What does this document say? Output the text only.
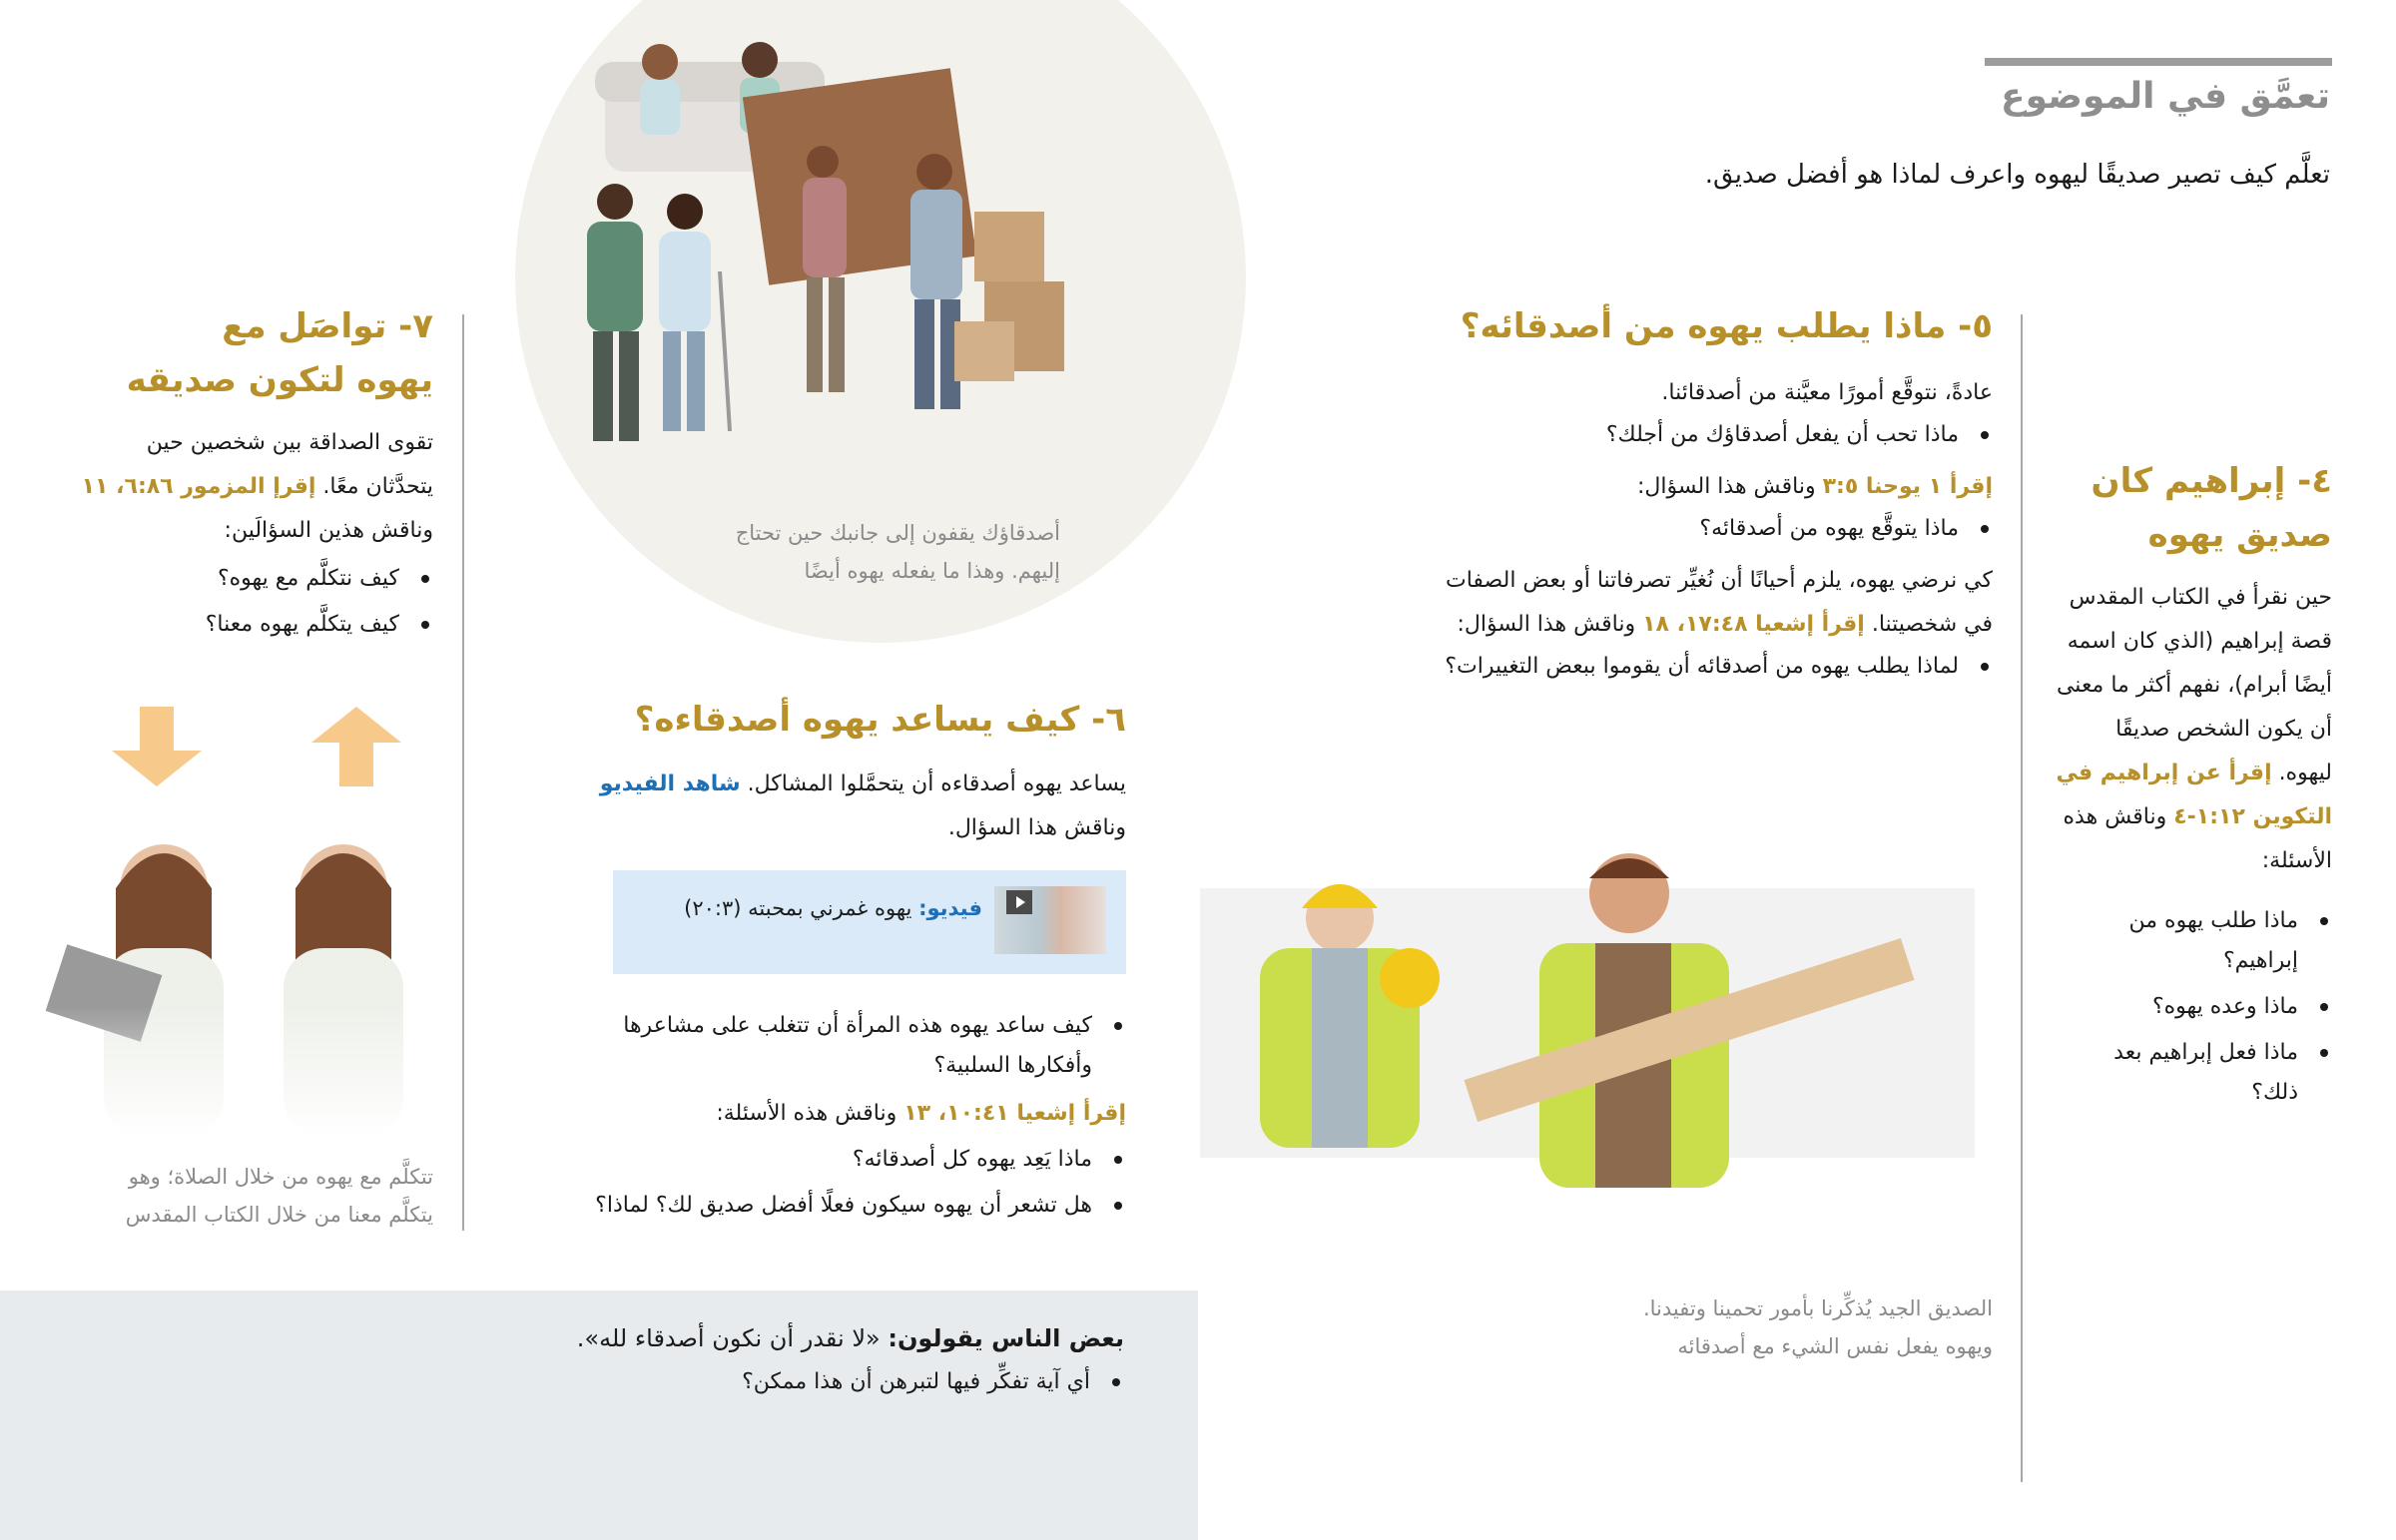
تعمَّق في الموضوع
تعلَّم كيف تصير صديقًا ليهوه واعرف لماذا هو أفضل صديق.
أصدقاؤك يقفون إلى جانبك حين تحتاج
إليهم. وهذا ما يفعله يهوه أيضًا
٤- إبراهيم كان
صديق يهوه
حين نقرأ في الكتاب المقدس
قصة إبراهيم (الذي كان اسمه
أيضًا أبرام)، نفهم أكثر ما معنى
أن يكون الشخص صديقًا
ليهوه. إقرأ عن إبراهيم في
التكوين ١٢:‏١-‏٤ وناقش هذه
الأسئلة:
ماذا طلب يهوه من
إبراهيم؟
ماذا وعده يهوه؟
ماذا فعل إبراهيم بعد
ذلك؟
٥- ماذا يطلب يهوه من أصدقائه؟
عادةً، نتوقَّع أمورًا معيَّنة من أصدقائنا.
ماذا تحب أن يفعل أصدقاؤك من أجلك؟
إقرأ ١ يوحنا ٥:‏٣ وناقش هذا السؤال:
ماذا يتوقَّع يهوه من أصدقائه؟
كي نرضي يهوه، يلزم أحيانًا أن نُغيِّر تصرفاتنا أو بعض الصفات
في شخصيتنا. إقرأ إشعيا ٤٨:‏١٧، ١٨ وناقش هذا السؤال:
لماذا يطلب يهوه من أصدقائه أن يقوموا ببعض التغييرات؟
الصديق الجيد يُذكِّرنا بأمور تحمينا وتفيدنا.
ويهوه يفعل نفس الشيء مع أصدقائه
٦- كيف يساعد يهوه أصدقاءه؟
يساعد يهوه أصدقاءه أن يتحمَّلوا المشاكل. شاهد الفيديو
وناقش هذا السؤال.
فيديو: يهوه غمرني بمحبته (٣:‏٢٠)
كيف ساعد يهوه هذه المرأة أن تتغلب على مشاعرها
وأفكارها السلبية؟
إقرأ إشعيا ٤١:‏١٠، ١٣ وناقش هذه الأسئلة:
ماذا يَعِد يهوه كل أصدقائه؟
هل تشعر أن يهوه سيكون فعلًا أفضل صديق لك؟ لماذا؟
٧- تواصَل مع
يهوه لتكون صديقه
تقوى الصداقة بين شخصين حين
يتحدَّثان معًا. إقرإ المزمور ٨٦:‏٦، ١١
وناقش هذين السؤالَين:
كيف نتكلَّم مع يهوه؟
كيف يتكلَّم يهوه معنا؟
تتكلَّم مع يهوه من خلال الصلاة؛ وهو
يتكلَّم معنا من خلال الكتاب المقدس
بعض الناس يقولون: «لا نقدر أن نكون أصدقاء لله».
أي آية تفكِّر فيها لتبرهن أن هذا ممكن؟
